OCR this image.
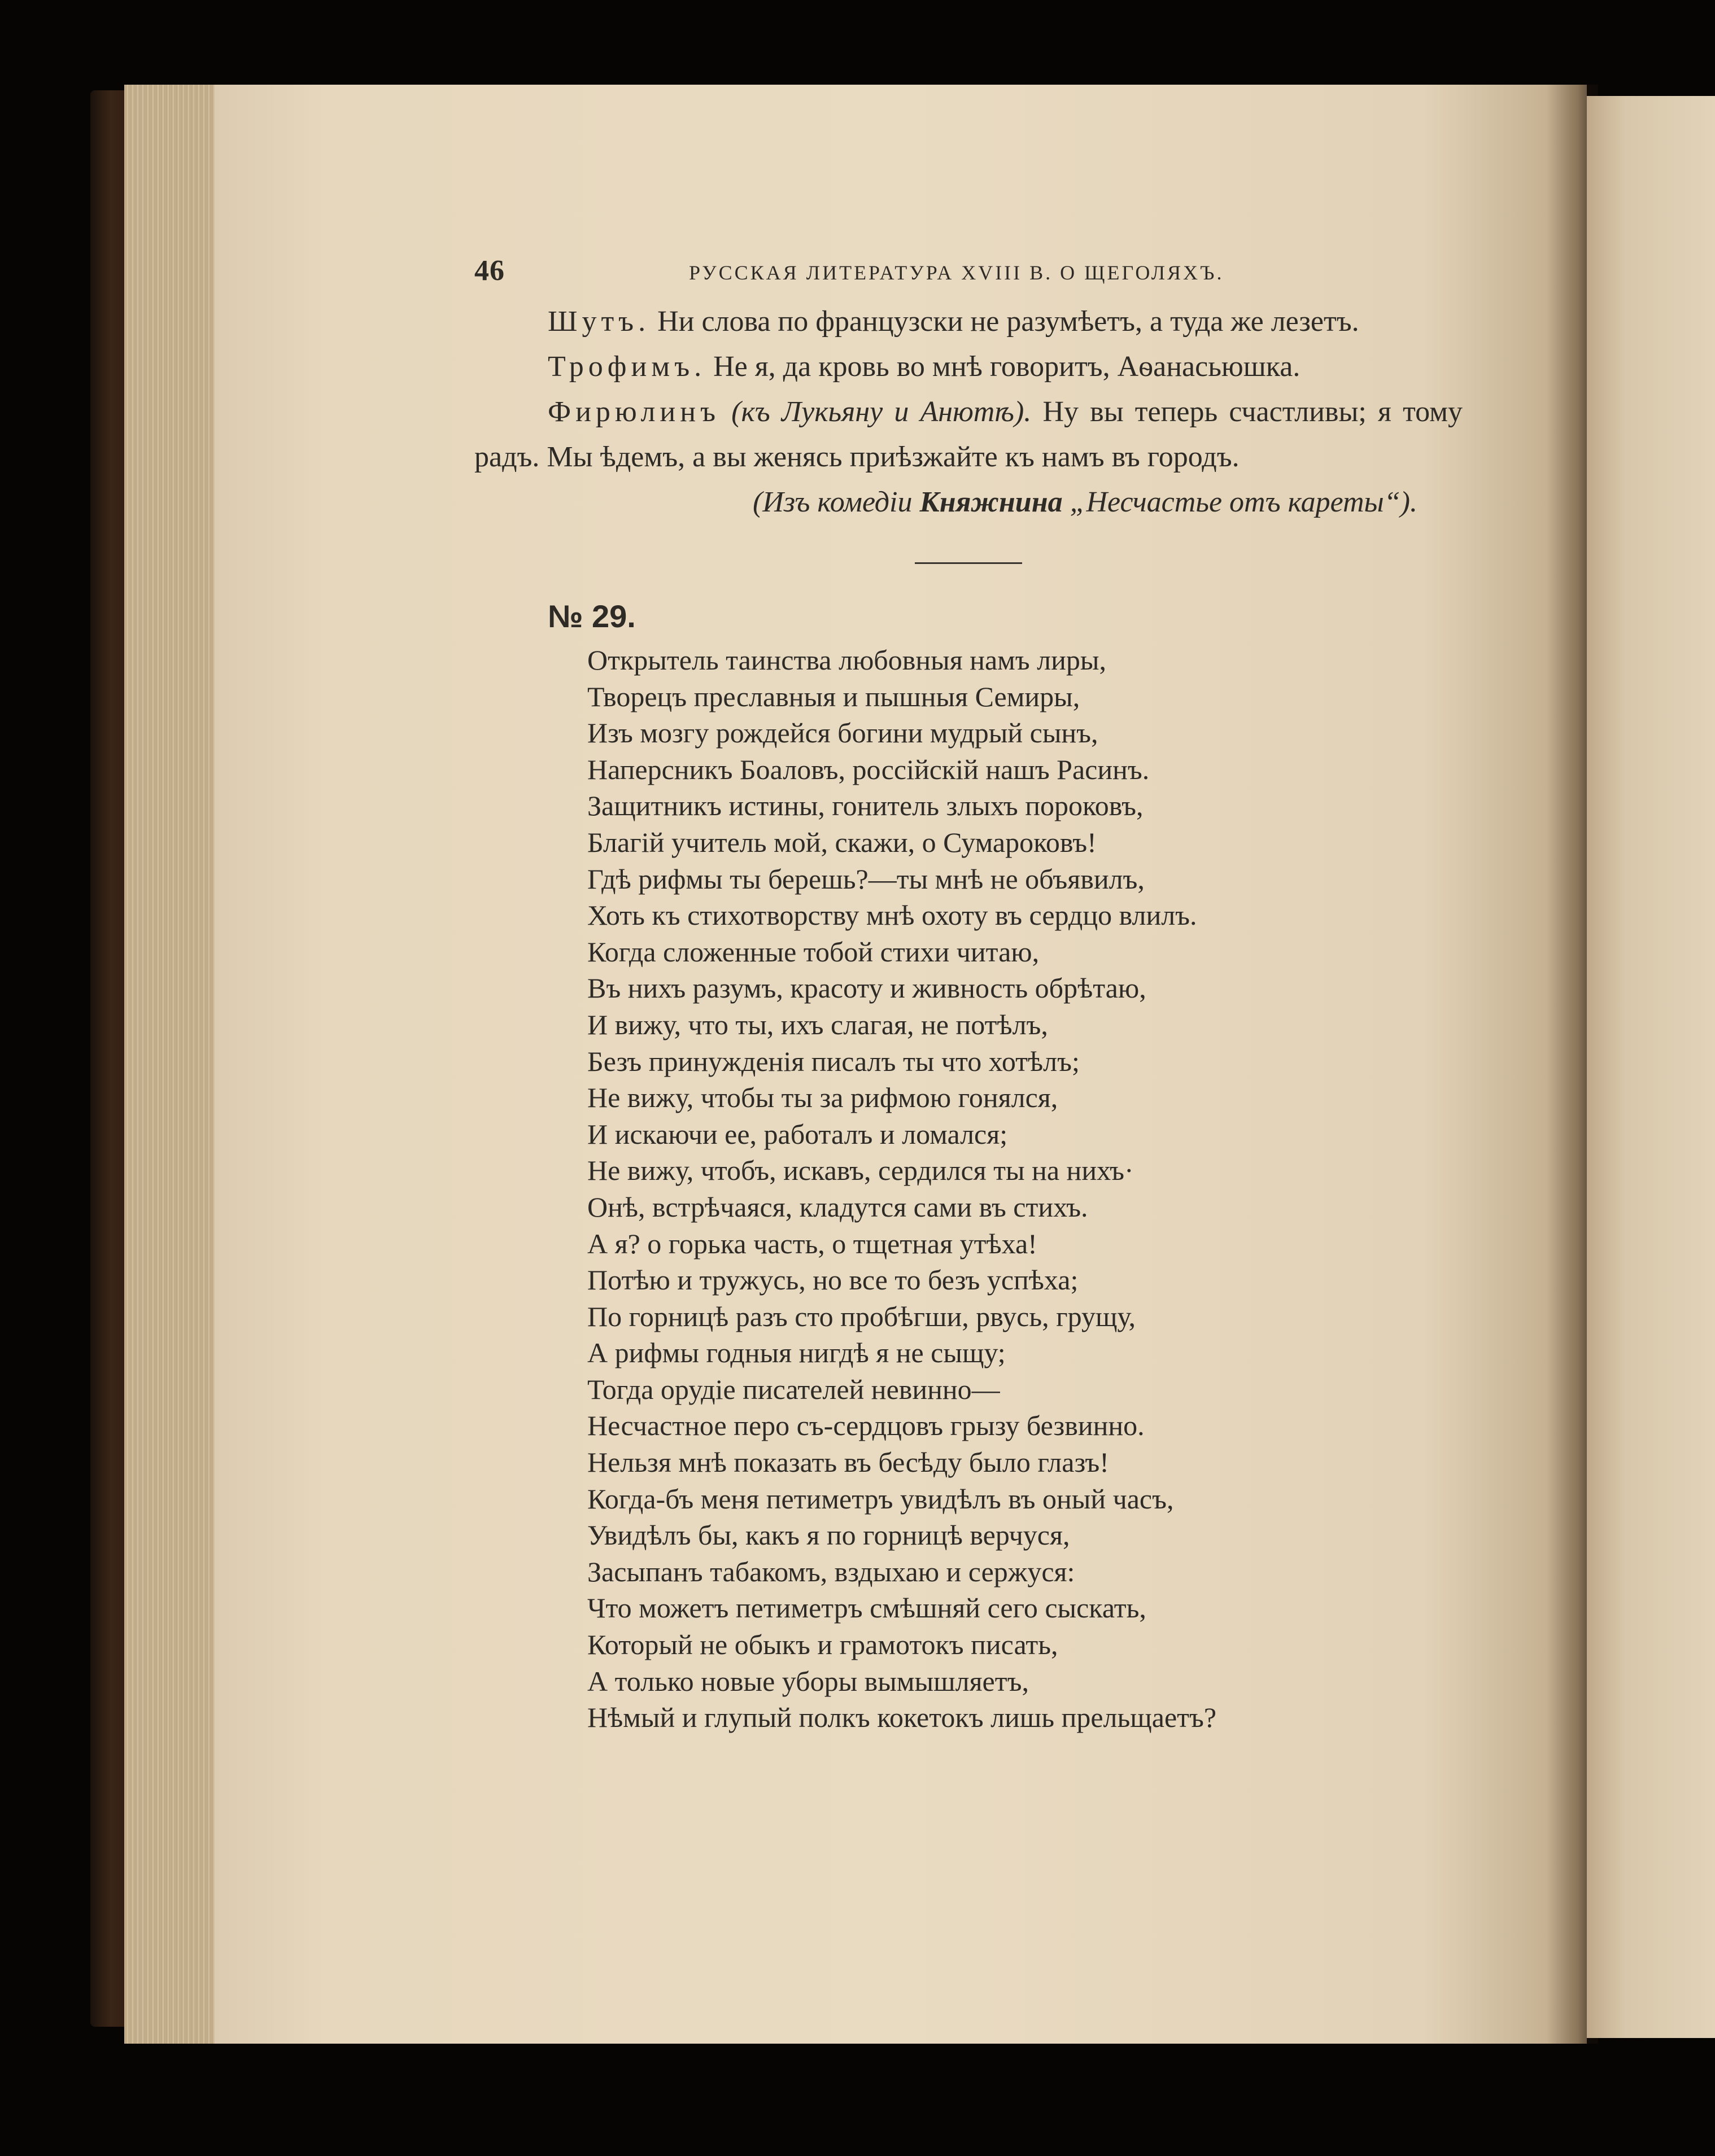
46	РУССКАЯ ЛИТЕРАТУРА XVIII В. О ЩЕГОЛЯХЪ.

Шутъ. Ни слова по французски не разумѣетъ, а туда же лезетъ.

Трофимъ. Не я, да кровь во мнѣ говоритъ, Аѳанасьюшка.

Фирюлинъ (къ Лукьяну и Анютѣ). Ну вы теперь счастливы; я тому радъ. Мы ѣдемъ, а вы женясь приѣзжайте къ намъ въ городъ.

(Изъ комедіи Княжнина „Несчастье отъ кареты“).
№ 29.
Открытель таинства любовныя намъ лиры,
Творецъ преславныя и пышныя Семиры,
Изъ мозгу рождейся богини мудрый сынъ,
Наперсникъ Боаловъ, россійскій нашъ Расинъ.
Защитникъ истины, гонитель злыхъ пороковъ,
Благій учитель мой, скажи, о Сумароковъ!
Гдѣ рифмы ты берешь?—ты мнѣ не объявилъ,
Хоть къ стихотворству мнѣ охоту въ сердцо влилъ.
Когда сложенные тобой стихи читаю,
Въ нихъ разумъ, красоту и живность обрѣтаю,
И вижу, что ты, ихъ слагая, не потѣлъ,
Безъ принужденія писалъ ты что хотѣлъ;
Не вижу, чтобы ты за рифмою гонялся,
И искаючи ее, работалъ и ломался;
Не вижу, чтобъ, искавъ, сердился ты на нихъ·
Онѣ, встрѣчаяся, кладутся сами въ стихъ.
А я? о горька часть, о тщетная утѣха!
Потѣю и тружусь, но все то безъ успѣха;
По горницѣ разъ сто пробѣгши, рвусь, грущу,
А рифмы годныя нигдѣ я не сыщу;
Тогда орудіе писателей невинно—
Несчастное перо съ-сердцовъ грызу безвинно.
Нельзя мнѣ показать въ бесѣду было глазъ!
Когда-бъ меня петиметръ увидѣлъ въ оный часъ,
Увидѣлъ бы, какъ я по горницѣ верчуся,
Засыпанъ табакомъ, вздыхаю и сержуся:
Что можетъ петиметръ смѣшняй сего сыскать,
Который не обыкъ и грамотокъ писать,
А только новые уборы вымышляетъ,
Нѣмый и глупый полкъ кокетокъ лишь прельщаетъ?
